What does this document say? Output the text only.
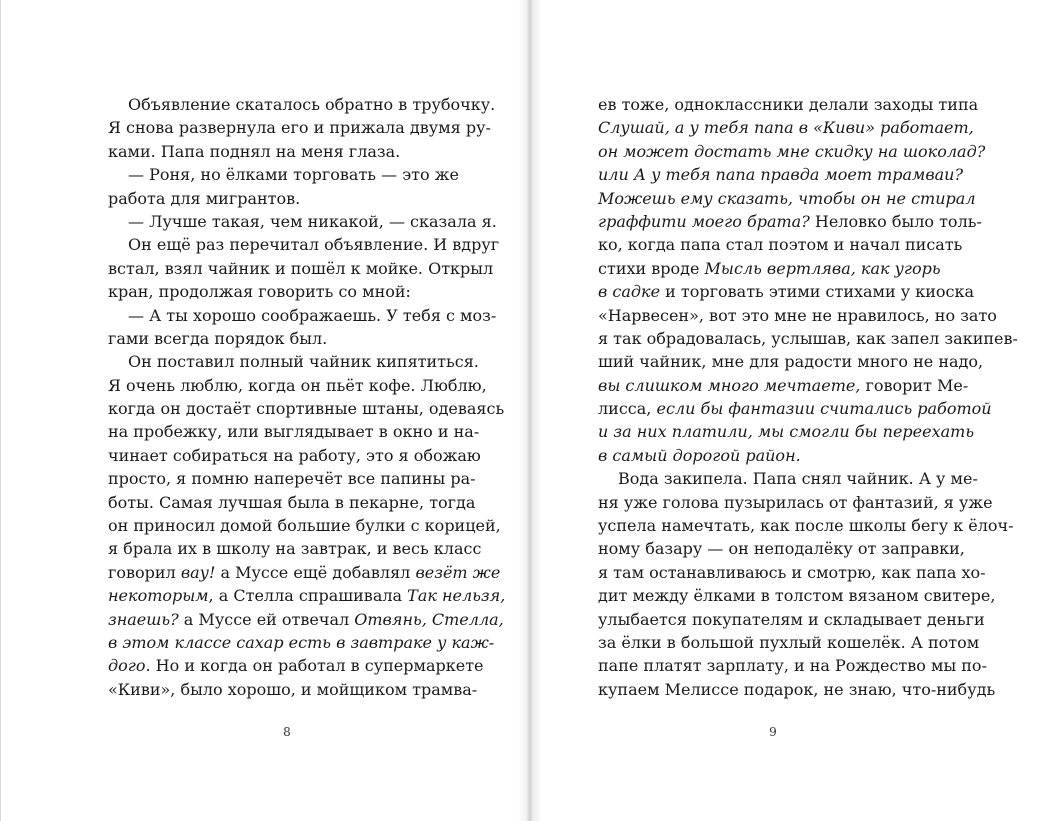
Объявление скаталось обратно в трубочку.
Я снова развернула его и прижала двумя ру-
ками. Папа поднял на меня глаза.
— Роня, но ёлками торговать — это же
работа для мигрантов.
— Лучше такая, чем никакой, — сказала я.
Он ещё раз перечитал объявление. И вдруг
встал, взял чайник и пошёл к мойке. Открыл
кран, продолжая говорить со мной:
— А ты хорошо соображаешь. У тебя с моз-
гами всегда порядок был.
Он поставил полный чайник кипятиться.
Я очень люблю, когда он пьёт кофе. Люблю,
когда он достаёт спортивные штаны, одеваясь
на пробежку, или выглядывает в окно и на-
чинает собираться на работу, это я обожаю
просто, я помню наперечёт все папины ра-
боты. Самая лучшая была в пекарне, тогда
он приносил домой большие булки с корицей,
я брала их в школу на завтрак, и весь класс
говорил вау! а Муссе ещё добавлял везёт же
некоторым, а Стелла спрашивала Так нельзя,
знаешь? а Муссе ей отвечал Отвянь, Стелла,
в этом классе сахар есть в завтраке у каж-
дого. Но и когда он работал в супермаркете
«Киви», было хорошо, и мойщиком трамва-
8
ев тоже, одноклассники делали заходы типа
Слушай, а у тебя папа в «Киви» работает,
он может достать мне скидку на шоколад?
или А у тебя папа правда моет трамваи?
Можешь ему сказать, чтобы он не стирал
граффити моего брата? Неловко было толь-
ко, когда папа стал поэтом и начал писать
стихи вроде Мысль вертлява, как угорь
в садке и торговать этими стихами у киоска
«Нарвесен», вот это мне не нравилось, но зато
я так обрадовалась, услышав, как запел закипев-
ший чайник, мне для радости много не надо,
вы слишком много мечтаете, говорит Ме-
лисса, если бы фантазии считались работой
и за них платили, мы смогли бы переехать
в самый дорогой район.
Вода закипела. Папа снял чайник. А у ме-
ня уже голова пузырилась от фантазий, я уже
успела намечтать, как после школы бегу к ёлоч-
ному базару — он неподалёку от заправки,
я там останавливаюсь и смотрю, как папа хо-
дит между ёлками в толстом вязаном свитере,
улыбается покупателям и складывает деньги
за ёлки в большой пухлый кошелёк. А потом
папе платят зарплату, и на Рождество мы по-
купаем Мелиссе подарок, не знаю, что-нибудь
9
